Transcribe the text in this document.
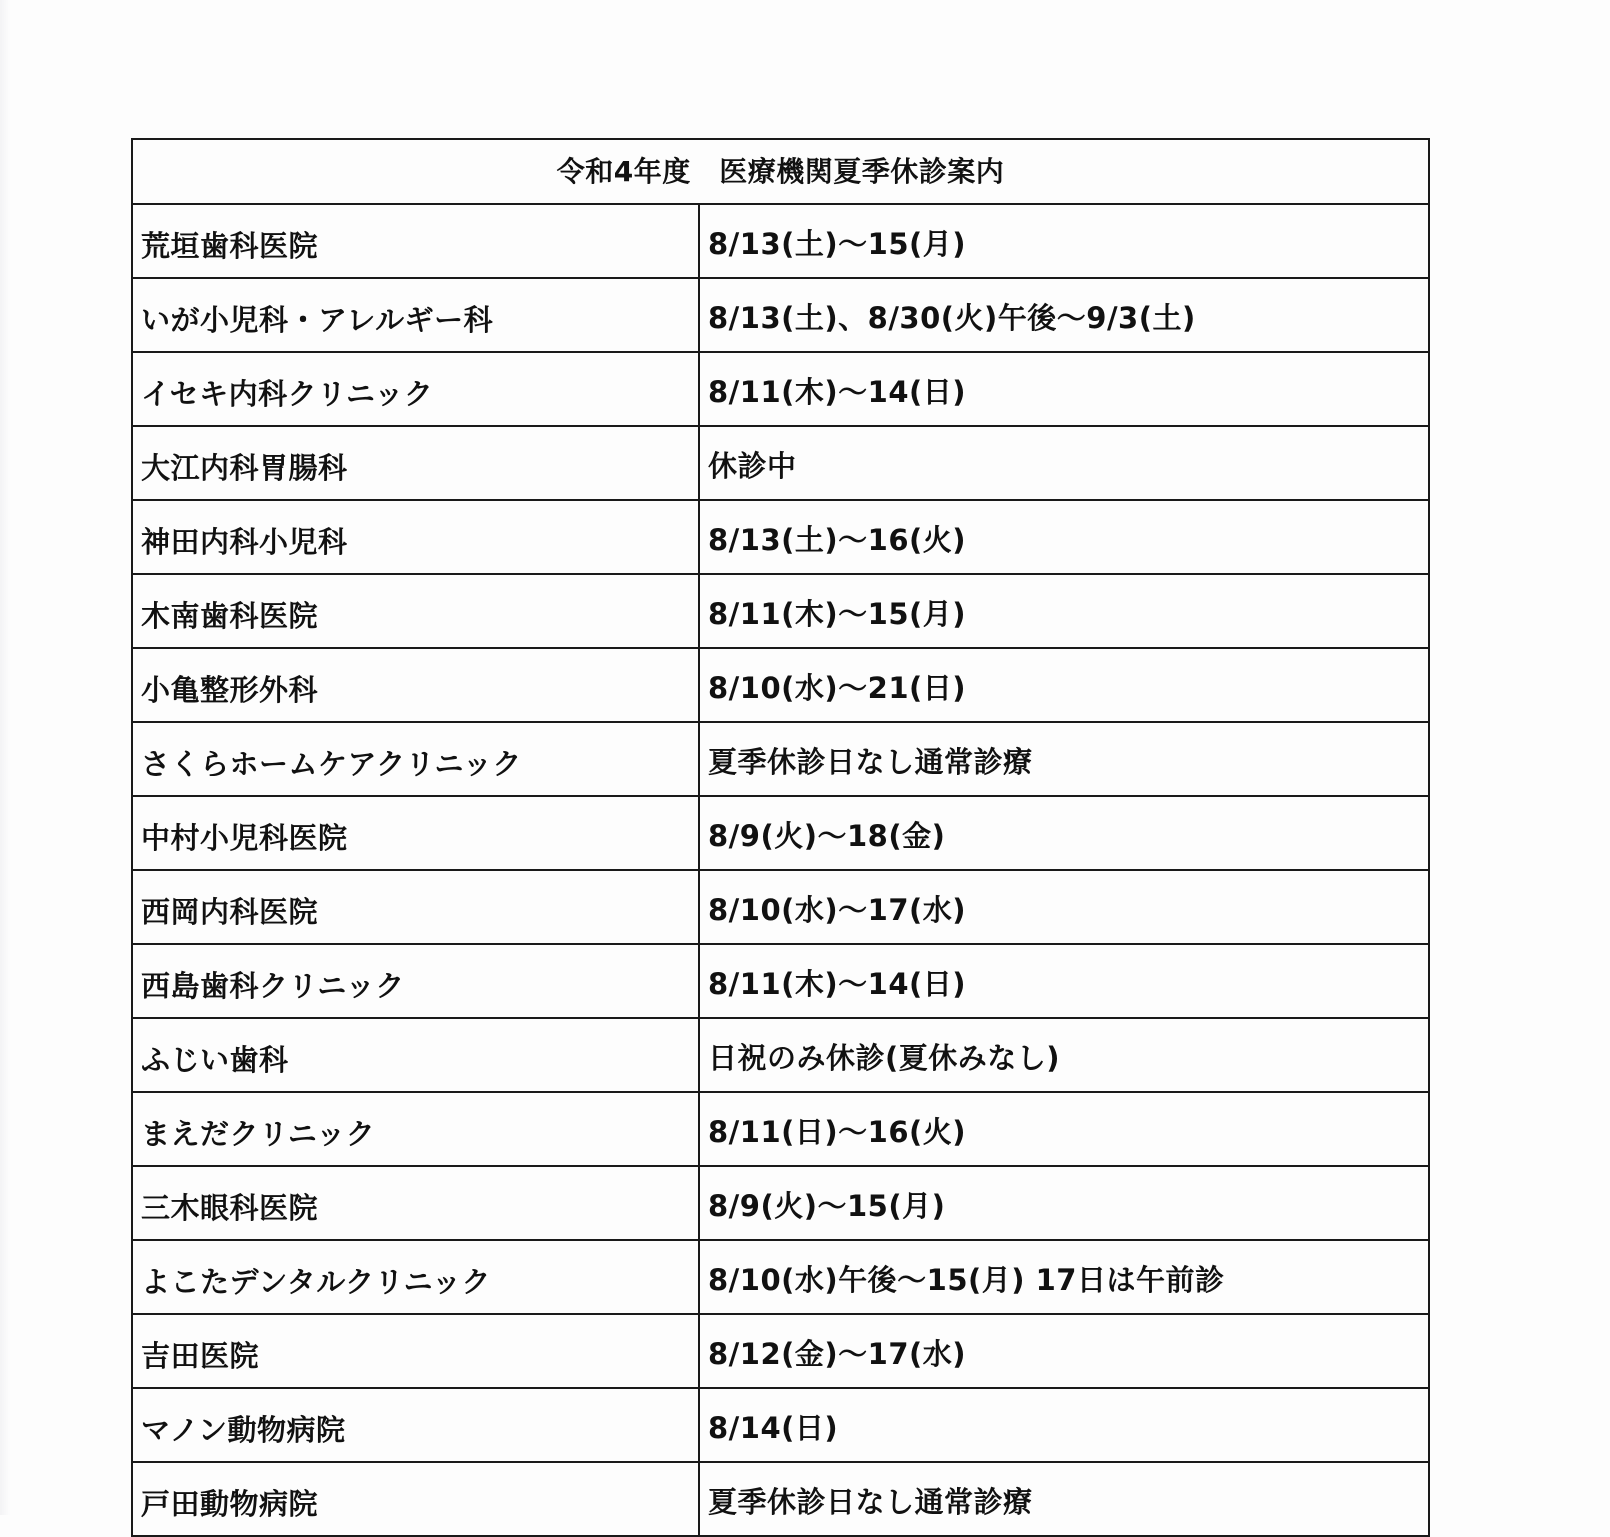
令和4年度　医療機関夏季休診案内	
荒垣歯科医院	8/13(土)～15(月)
いが小児科・アレルギー科	8/13(土)、8/30(火)午後～9/3(土)
イセキ内科クリニック	8/11(木)～14(日)
大江内科胃腸科	休診中
神田内科小児科	8/13(土)～16(火)
木南歯科医院	8/11(木)～15(月)
小亀整形外科	8/10(水)～21(日)
さくらホームケアクリニック	夏季休診日なし通常診療
中村小児科医院	8/9(火)～18(金)
西岡内科医院	8/10(水)～17(水)
西島歯科クリニック	8/11(木)～14(日)
ふじい歯科	日祝のみ休診(夏休みなし)
まえだクリニック	8/11(日)～16(火)
三木眼科医院	8/9(火)～15(月)
よこたデンタルクリニック	8/10(水)午後～15(月) 17日は午前診
吉田医院	8/12(金)～17(水)
マノン動物病院	8/14(日)
戸田動物病院	夏季休診日なし通常診療
